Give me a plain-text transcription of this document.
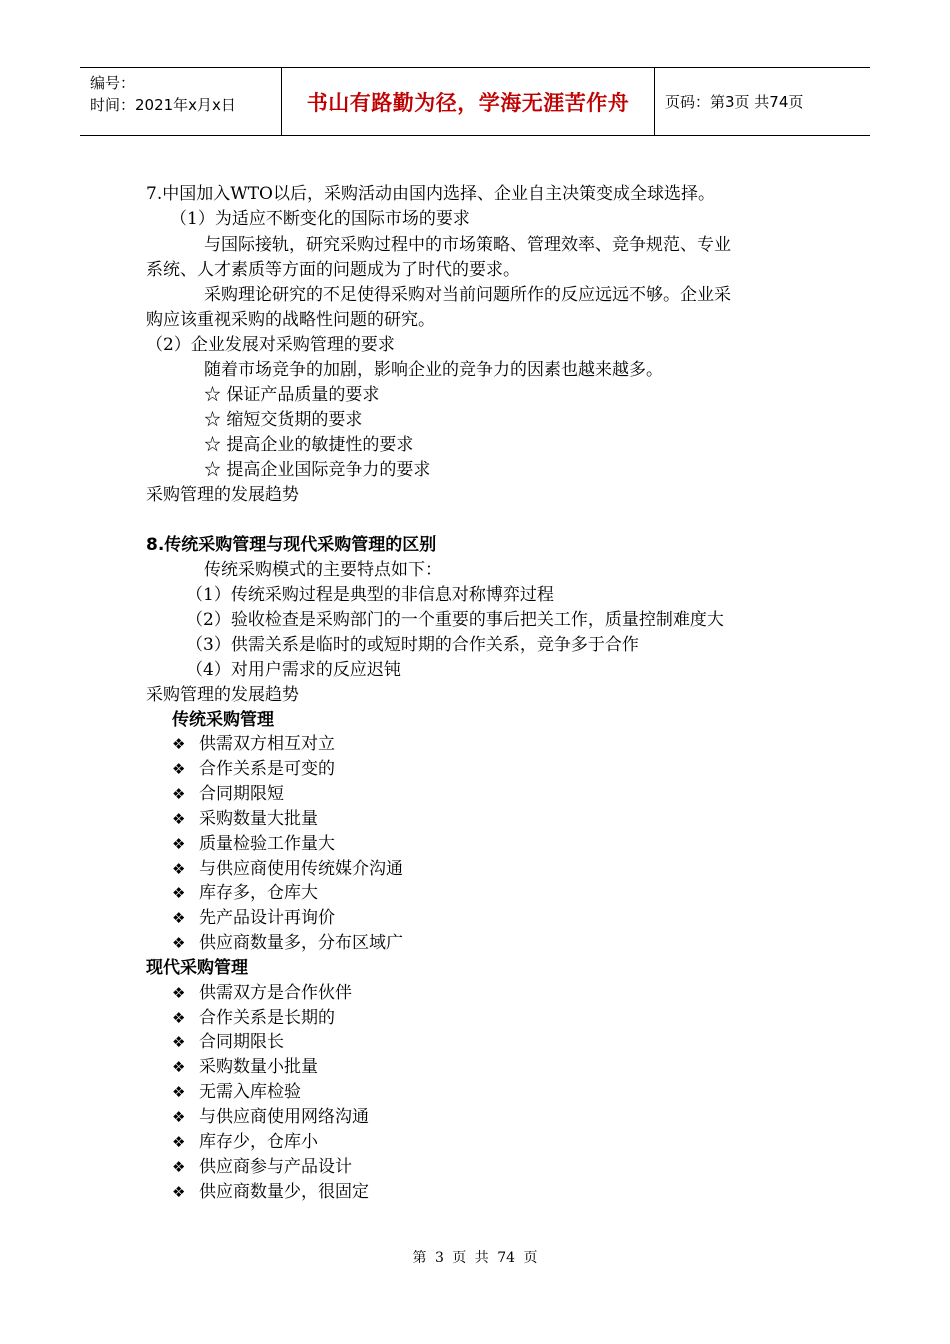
编号：
时间：2021年x月x日	书山有路勤为径，学海无涯苦作舟	页码：第3页 共74页
7.中国加入WTO以后，采购活动由国内选择、企业自主决策变成全球选择。
（1）为适应不断变化的国际市场的要求
与国际接轨，研究采购过程中的市场策略、管理效率、竞争规范、专业
系统、人才素质等方面的问题成为了时代的要求。
采购理论研究的不足使得采购对当前问题所作的反应远远不够。企业采
购应该重视采购的战略性问题的研究。
（2）企业发展对采购管理的要求
随着市场竞争的加剧，影响企业的竞争力的因素也越来越多。
☆ 保证产品质量的要求
☆ 缩短交货期的要求
☆ 提高企业的敏捷性的要求
☆ 提高企业国际竞争力的要求
采购管理的发展趋势
8.传统采购管理与现代采购管理的区别
传统采购模式的主要特点如下：
（1）传统采购过程是典型的非信息对称博弈过程
（2）验收检查是采购部门的一个重要的事后把关工作，质量控制难度大
（3）供需关系是临时的或短时期的合作关系，竞争多于合作
（4）对用户需求的反应迟钝
采购管理的发展趋势
传统采购管理
❖ 供需双方相互对立
❖ 合作关系是可变的
❖ 合同期限短
❖ 采购数量大批量
❖ 质量检验工作量大
❖ 与供应商使用传统媒介沟通
❖ 库存多，仓库大
❖ 先产品设计再询价
❖ 供应商数量多，分布区域广
现代采购管理
❖ 供需双方是合作伙伴
❖ 合作关系是长期的
❖ 合同期限长
❖ 采购数量小批量
❖ 无需入库检验
❖ 与供应商使用网络沟通
❖ 库存少，仓库小
❖ 供应商参与产品设计
❖ 供应商数量少，很固定
第 3 页 共 74 页
